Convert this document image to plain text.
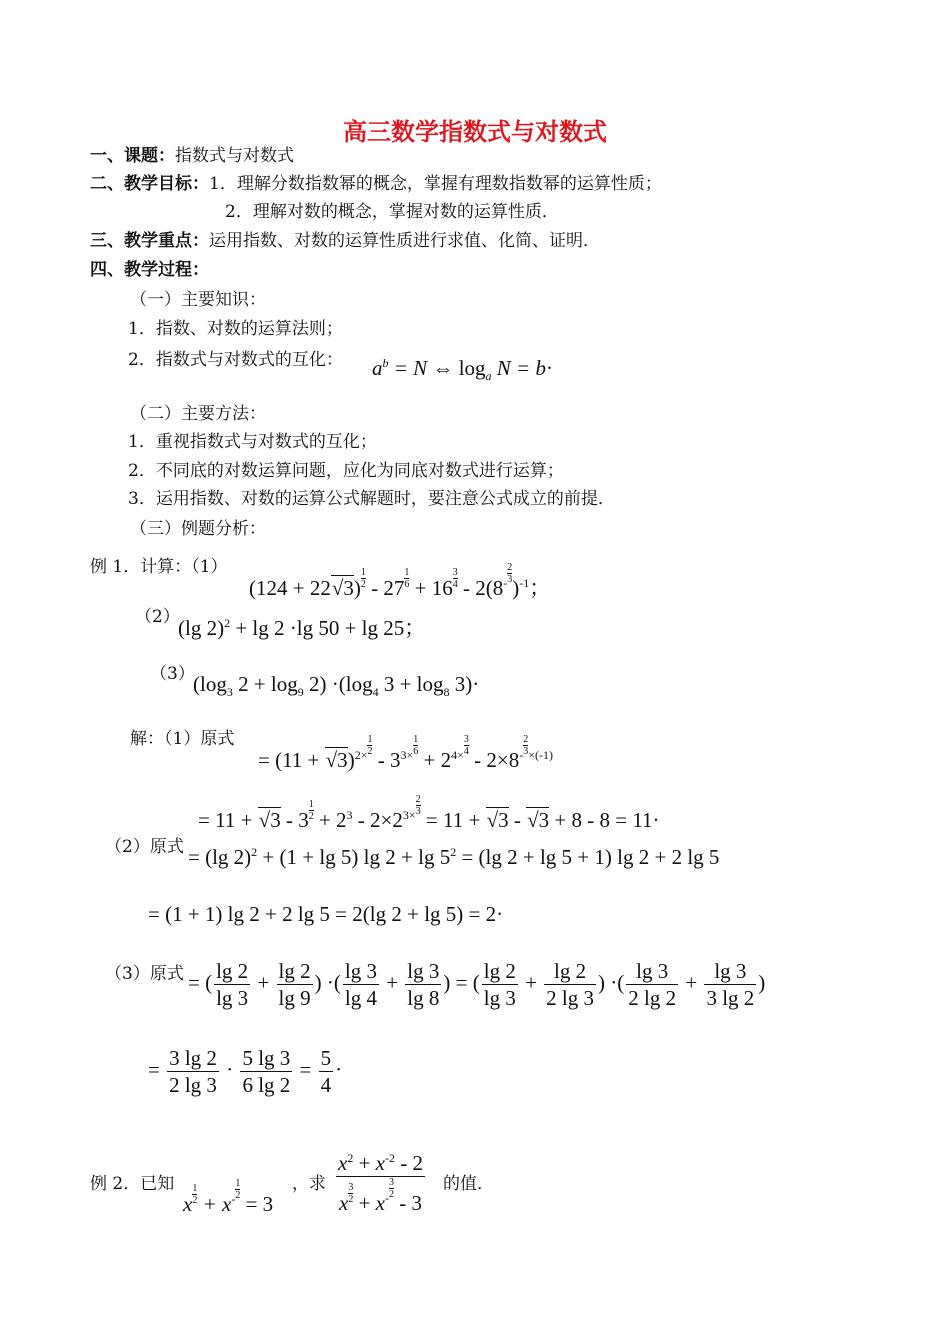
高三数学指数式与对数式
一、课题：指数式与对数式
二、教学目标：1．理解分数指数幂的概念，掌握有理数指数幂的运算性质；
2．理解对数的概念，掌握对数的运算性质．
三、教学重点：运用指数、对数的运算性质进行求值、化简、证明．
四、教学过程：
（一）主要知识：
1．指数、对数的运算法则；
2．指数式与对数式的互化： $a^b = N$ ⇔ $\log_a N = b\cdot$
（二）主要方法：
1．重视指数式与对数式的互化；
2．不同底的对数运算问题，应化为同底对数式进行运算；
3．运用指数、对数的运算公式解题时，要注意公式成立的前提．
（三）例题分析：
例 1．计算：（1）
$(124 + 22√3) \frac{1}{2} - 27 \frac{1}{6} + 16 \frac{3}{4} - 2(8^{- \frac{2}{3}}$
)$^{-1}$；
（2）
(lg 2)$^2$ + lg 2 ·lg 50 + lg 25；
（3）
($\log_3$ $2 + \log_9 2) \cdot(\log_4$ $3 + \log_8 3)\cdot$
解：（1）原式
= $(11 + √3)^{2\times \frac{1}{2}}$
- $3^{3\times \frac{1}{6}}$
+ $2^{4\times \frac{3}{4}}$
- $2\times 8^{- \frac{2}{3} \times(-1)}$
= $11 + √3 - 3 \frac{1}{2} + 2^3 - 2\times 2^{3\times \frac{2}{3}}$
= 11 + √3 - √3 + 8 - 8 = 11·
（2）原式 = (lg 2)$^2$ + (1 + lg 5) $\lg 2 + \lg 5^2 = (\lg$ 2 + lg 5 + 1) lg 2 + 2 lg 5
= (1 + 1) lg 2 + 2 lg 5 = 2(lg 2 + lg 5) = 2·
（3）原式 = ( $\frac{\lg 2}{\lg 3} + \frac{\lg 2}{\lg 9}$ ) ·( $\frac{\lg 3}{\lg 4} + \frac{\lg 3}{\lg 8}$ ) = ( $\frac{\lg 2}{\lg 3} + \frac{\lg 2}{2 \lg 3}$ ) ·( $\frac{\lg 3}{2 \lg 2} + \frac{\lg 3}{3 \lg 2}$ )
= $\frac{3 \lg 2}{2 \lg 3} \cdot \frac{5 \lg 3}{6 \lg 2} = \frac{5}{4}$ ·
例 2．已知
x $\frac{1}{2} + x^{- \frac{1}{2}}$
= 3
，求 $x^2 + x^{-2} - 2$
x $\frac{3}{2} + x^{- \frac{3}{2}}$
- 3 的值．
